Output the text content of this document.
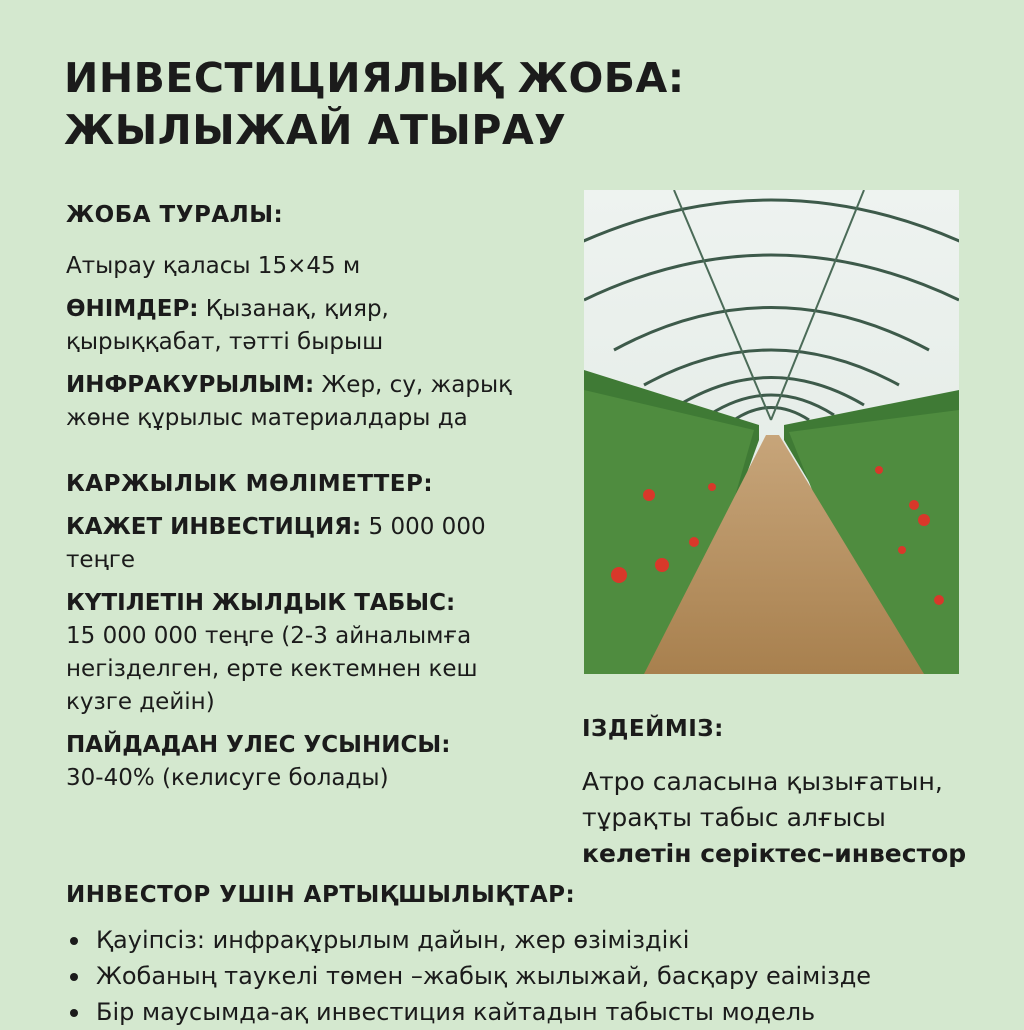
ИНВЕСТИЦИЯЛЫҚ ЖОБА:
ЖЫЛЫЖАЙ АТЫРАУ
ЖОБА ТУРАЛЫ:
Атырау қаласы 15×45 м
ӨНІМДЕР: Қызанақ, қияр,
қырыққабат, тәтті бырыш
ИНФРАКУРЫЛЫМ: Жер, су, жарық
жөне құрылыс материалдары да
КАРЖЫЛЫК МӨЛІМЕТТЕР:
КАЖЕТ ИНВЕСТИЦИЯ: 5 000 000
теңге
КҮТІЛЕТІН ЖЫЛДЫК ТАБЫС:
15 000 000 теңге (2-3 айналымға
негізделген, ерте кектемнен кеш
кузге дейін)
ПАЙДАДАН УЛЕС УСЫНИСЫ:
30-40% (келисуге болады)
ІЗДЕЙМІЗ:
Атро саласына қызығатын,
тұрақты табыс алғысы
келетін серіктес–инвестор
ИНВЕСТОР УШІН АРТЫҚШЫЛЫҚТАР:
Қауіпсіз: инфрақұрылым дайын, жер өзіміздікі
Жобаның таукелі төмен –жабық жылыжай, басқару еаімізде
Бір маусымда-ақ инвестиция кайтадын табысты модель
